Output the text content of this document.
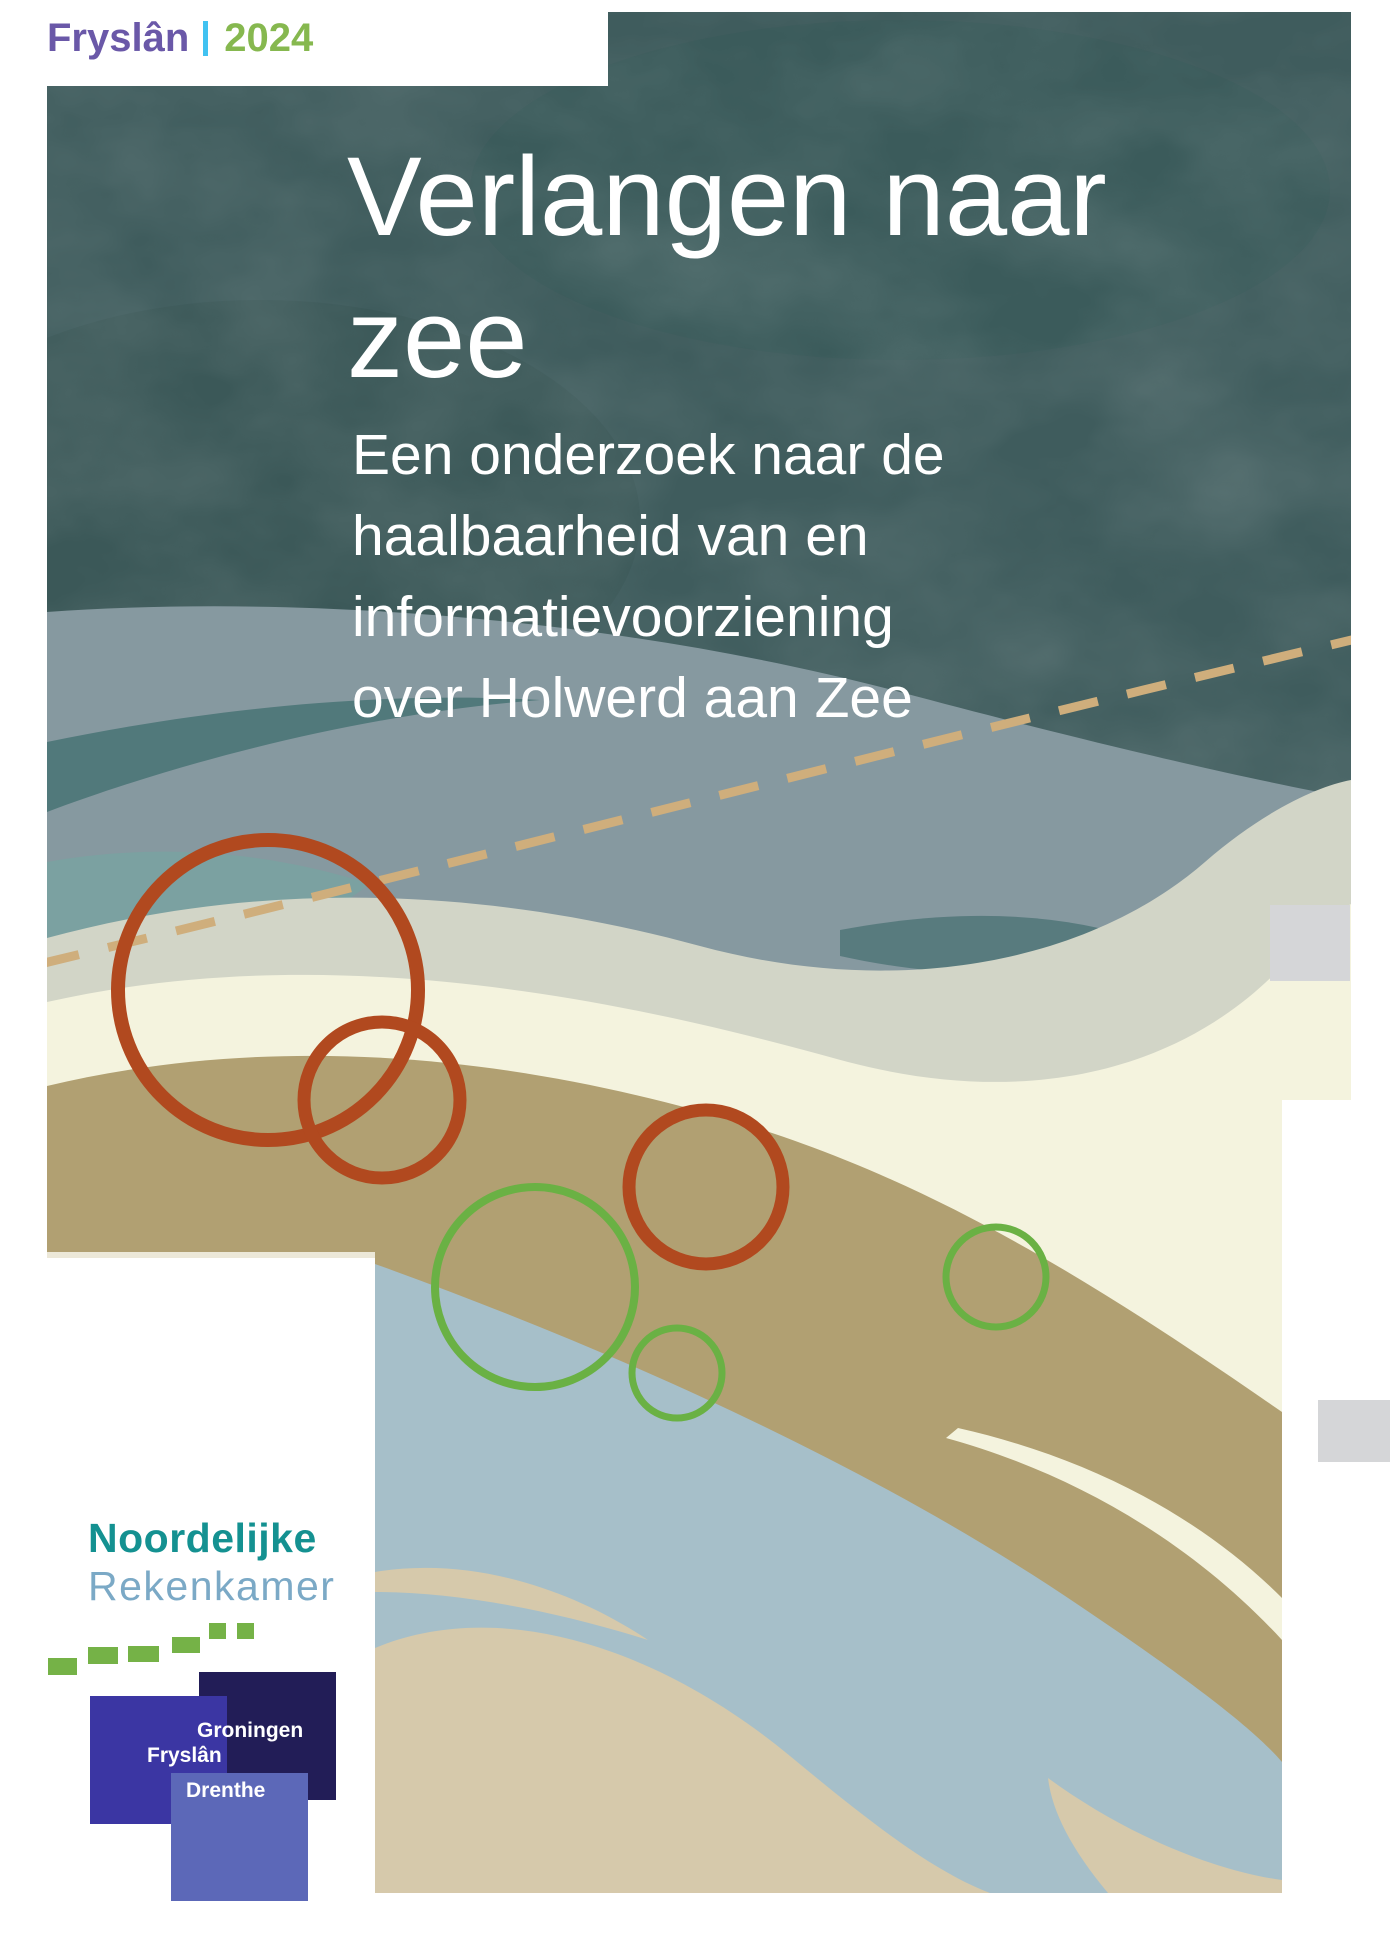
Fryslân 2024
Verlangen naar
zee
Een onderzoek naar de
haalbaarheid van en
informatievoorziening
over Holwerd aan Zee
Noordelijke
Rekenkamer
Groningen
Fryslân
Drenthe
